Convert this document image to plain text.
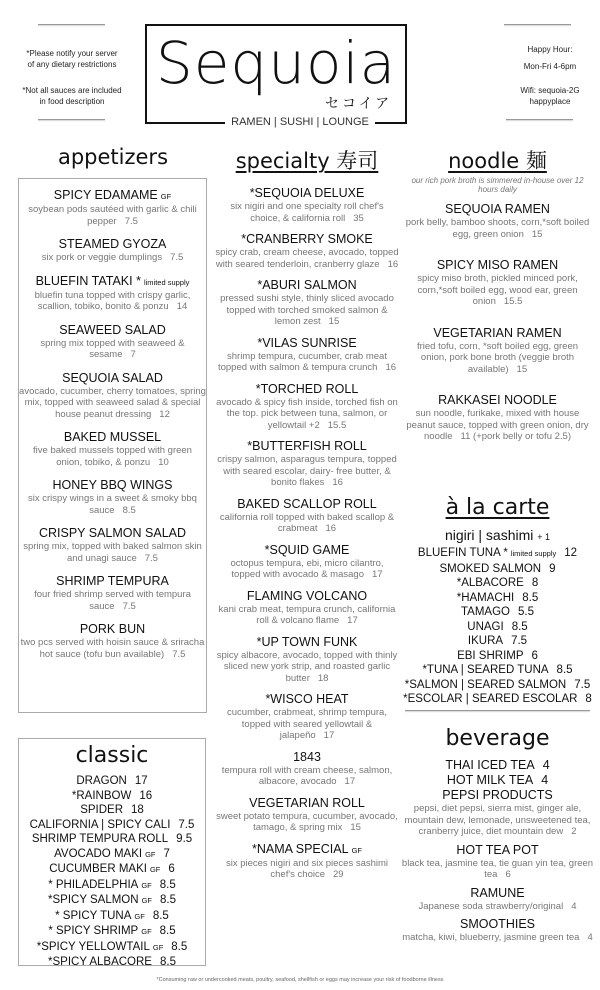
*Please notify your server of any dietary restrictions
*Not all sauces are included in food description
Sequoia
セコイア
RAMEN | SUSHI | LOUNGE
Happy Hour:
Mon-Fri 4-6pm
Wifi: sequoia-2G happyplace
appetizers	specialty 寿司	noodle 麺
SPICY EDAMAME GF
soybean pods sautéed with garlic & chili pepper 7.5
STEAMED GYOZA
six pork or veggie dumplings 7.5
BLUEFIN TATAKI * limited supply
bluefin tuna topped with crispy garlic, scallion, tobiko, bonito & ponzu 14
SEAWEED SALAD
spring mix topped with seaweed & sesame 7
SEQUOIA SALAD
avocado, cucumber, cherry tomatoes, spring mix, topped with seaweed salad & special house peanut dressing 12
BAKED MUSSEL
five baked mussels topped with green onion, tobiko, & ponzu 10
HONEY BBQ WINGS
six crispy wings in a sweet & smoky bbq sauce 8.5
CRISPY SALMON SALAD
spring mix, topped with baked salmon skin and unagi sauce 7.5
SHRIMP TEMPURA
four fried shrimp served with tempura sauce 7.5
PORK BUN
two pcs served with hoisin sauce & sriracha hot sauce (tofu bun available) 7.5
classic
DRAGON 17
*RAINBOW 16
SPIDER 18
CALIFORNIA | SPICY CALI 7.5
SHRIMP TEMPURA ROLL 9.5
AVOCADO MAKI GF 7
CUCUMBER MAKI GF 6
* PHILADELPHIA GF 8.5
*SPICY SALMON GF 8.5
* SPICY TUNA GF 8.5
* SPICY SHRIMP GF 8.5
*SPICY YELLOWTAIL GF 8.5
*SPICY ALBACORE 8.5
*SEQUOIA DELUXE
six nigiri and one specialty roll chef's choice, & california roll 35
*CRANBERRY SMOKE
spicy crab, cream cheese, avocado, topped with seared tenderloin, cranberry glaze 16
*ABURI SALMON
pressed sushi style, thinly sliced avocado topped with torched smoked salmon & lemon zest 15
*VILAS SUNRISE
shrimp tempura, cucumber, crab meat topped with salmon & tempura crunch 16
*TORCHED ROLL
avocado & spicy fish inside, torched fish on the top. pick between tuna, salmon, or yellowtail +2 15.5
*BUTTERFISH ROLL
crispy salmon, asparagus tempura, topped with seared escolar, dairy- free butter, & bonito flakes 16
BAKED SCALLOP ROLL
california roll topped with baked scallop & crabmeat 16
*SQUID GAME
octopus tempura, ebi, micro cilantro, topped with avocado & masago 17
FLAMING VOLCANO
kani crab meat, tempura crunch, california roll & volcano flame 17
*UP TOWN FUNK
spicy albacore, avocado, topped with thinly sliced new york strip, and roasted garlic butter 18
*WISCO HEAT
cucumber, crabmeat, shrimp tempura, topped with seared yellowtail & jalapeño 17
1843
tempura roll with cream cheese, salmon, albacore, avocado 17
VEGETARIAN ROLL
sweet potato tempura, cucumber, avocado, tamago, & spring mix 15
*NAMA SPECIAL GF
six pieces nigiri and six pieces sashimi chef's choice 29
our rich pork broth is simmered in-house over 12 hours daily
SEQUOIA RAMEN
pork belly, bamboo shoots, corn,*soft boiled egg, green onion 15
SPICY MISO RAMEN
spicy miso broth, pickled minced pork, corn,*soft boiled egg, wood ear, green onion 15.5
VEGETARIAN RAMEN
fried tofu, corn, *soft boiled egg, green onion, pork bone broth (veggie broth available) 15
RAKKASEI NOODLE
sun noodle, furikake, mixed with house peanut sauce, topped with green onion, dry noodle 11 (+pork belly or tofu 2.5)
à la carte
nigiri | sashimi + 1
BLUEFIN TUNA * limited supply 12
SMOKED SALMON 9
*ALBACORE 8
*HAMACHI 8.5
TAMAGO 5.5
UNAGI 8.5
IKURA 7.5
EBI SHRIMP 6
*TUNA | SEARED TUNA 8.5
*SALMON | SEARED SALMON 7.5
*ESCOLAR | SEARED ESCOLAR 8
beverage
THAI ICED TEA 4
HOT MILK TEA 4
PEPSI PRODUCTS
pepsi, diet pepsi, sierra mist, ginger ale, mountain dew, lemonade, unsweetened tea, cranberry juice, diet mountain dew 2
HOT TEA POT
black tea, jasmine tea, tie guan yin tea, green tea 6
RAMUNE
Japanese soda strawberry/original 4
SMOOTHIES
matcha, kiwi, blueberry, jasmine green tea 4
*Consuming raw or undercooked meats, poultry, seafood, shellfish or eggs may increase your risk of foodborne illness
